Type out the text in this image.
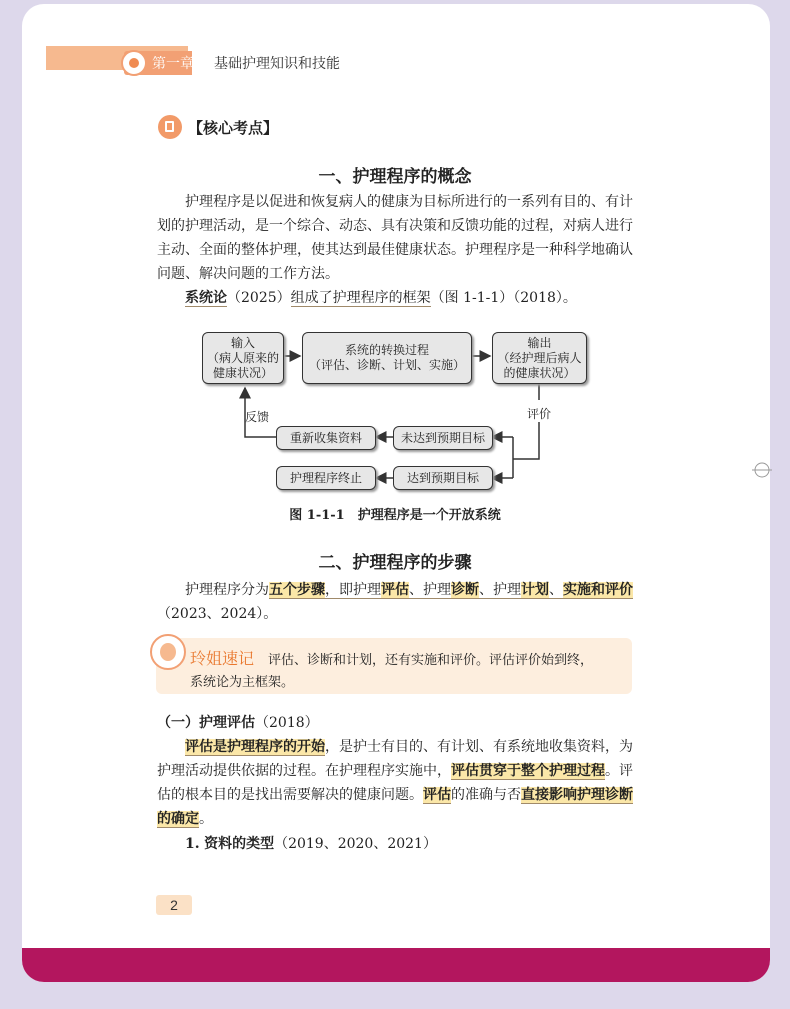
第一章 基础护理知识和技能
【核心考点】
一、护理程序的概念

护理程序是以促进和恢复病人的健康为目标所进行的一系列有目的、有计划的护理活动，是一个综合、动态、具有决策和反馈功能的过程，对病人进行主动、全面的整体护理，使其达到最佳健康状态。护理程序是一种科学地确认问题、解决问题的工作方法。

系统论（2025）组成了护理程序的框架（图 1-1-1）（2018）。

输入
（病人原来的
健康状况）
系统的转换过程
（评估、诊断、计划、实施）
输出
（经护理后病人
的健康状况）
反馈	评价
重新收集资料	未达到预期目标
护理程序终止	达到预期目标
图 1-1-1　护理程序是一个开放系统
二、护理程序的步骤

护理程序分为五个步骤，即护理评估、护理诊断、护理计划、实施和评价（2023、2024）。

玲姐速记 评估、诊断和计划，还有实施和评价。评估评价始到终，
系统论为主框架。

（一）护理评估（2018）

评估是护理程序的开始，是护士有目的、有计划、有系统地收集资料，为护理活动提供依据的过程。在护理程序实施中，评估贯穿于整个护理过程。评估的根本目的是找出需要解决的健康问题。评估的准确与否直接影响护理诊断的确定。

1. 资料的类型（2019、2020、2021）

2
